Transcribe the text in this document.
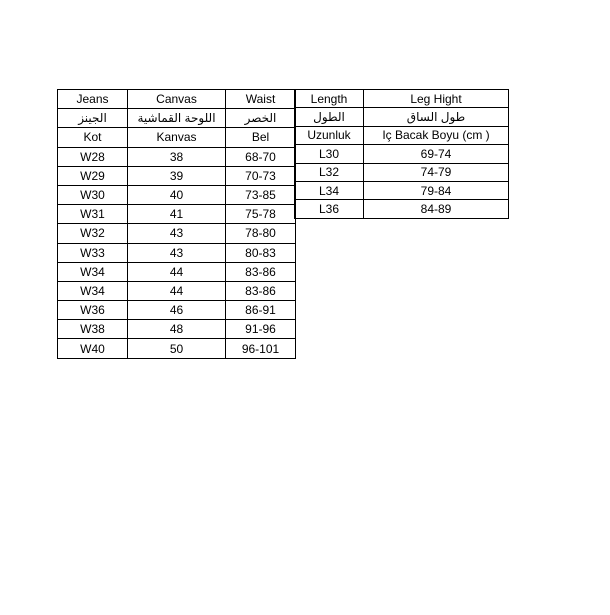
Jeans	Canvas	Waist
الجينز	اللوحة القماشية	الخصر
Kot	Kanvas	Bel
W28	38	68-70
W29	39	70-73
W30	40	73-85
W31	41	75-78
W32	43	78-80
W33	43	80-83
W34	44	83-86
W34	44	83-86
W36	46	86-91
W38	48	91-96
W40	50	96-101
Length	Leg Hight
الطول	طول الساق
Uzunluk	Iç Bacak Boyu (cm )
L30	69-74
L32	74-79
L34	79-84
L36	84-89
